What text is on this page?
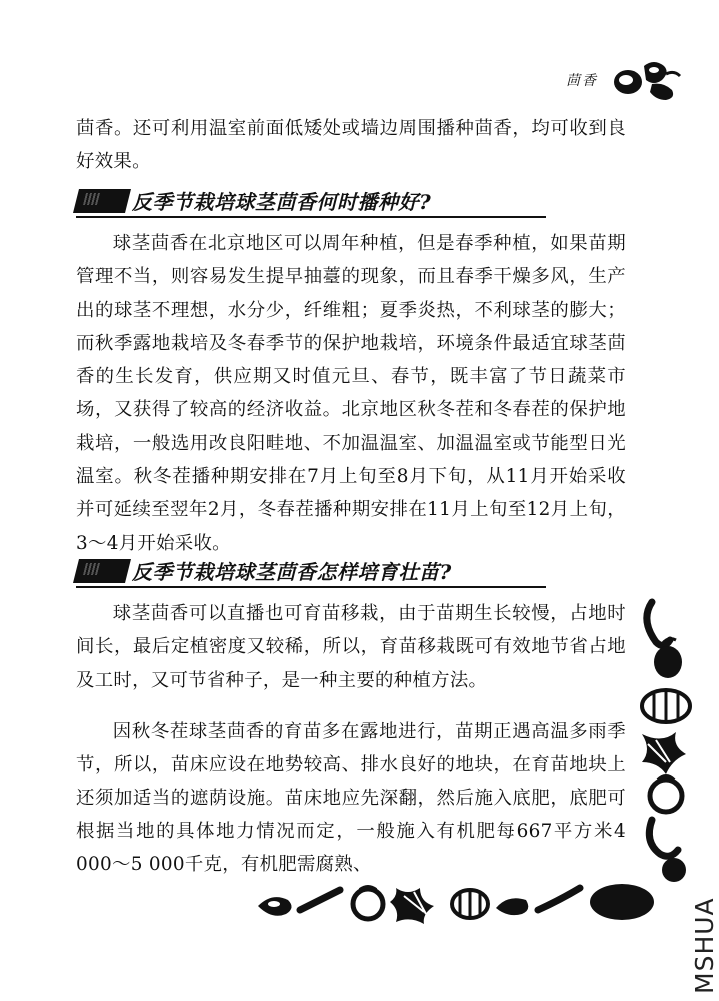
茴香

茴香。还可利用温室前面低矮处或墙边周围播种茴香，均可收到良好效果。

反季节栽培球茎茴香何时播种好?

球茎茴香在北京地区可以周年种植，但是春季种植，如果苗期管理不当，则容易发生提早抽薹的现象，而且春季干燥多风，生产出的球茎不理想，水分少，纤维粗；夏季炎热，不利球茎的膨大；而秋季露地栽培及冬春季节的保护地栽培，环境条件最适宜球茎茴香的生长发育，供应期又时值元旦、春节，既丰富了节日蔬菜市场，又获得了较高的经济收益。北京地区秋冬茬和冬春茬的保护地栽培，一般选用改良阳畦地、不加温温室、加温温室或节能型日光温室。秋冬茬播种期安排在7月上旬至8月下旬，从11月开始采收并可延续至翌年2月，冬春茬播种期安排在11月上旬至12月上旬，3～4月开始采收。

反季节栽培球茎茴香怎样培育壮苗?

球茎茴香可以直播也可育苗移栽，由于苗期生长较慢，占地时间长，最后定植密度又较稀，所以，育苗移栽既可有效地节省占地及工时，又可节省种子，是一种主要的种植方法。

因秋冬茬球茎茴香的育苗多在露地进行，苗期正遇高温多雨季节，所以，苗床应设在地势较高、排水良好的地块，在育苗地块上还须加适当的遮荫设施。苗床地应先深翻，然后施入底肥，底肥可根据当地的具体地力情况而定，一般施入有机肥每667平方米4 000～5 000千克，有机肥需腐熟、

MSHUA
